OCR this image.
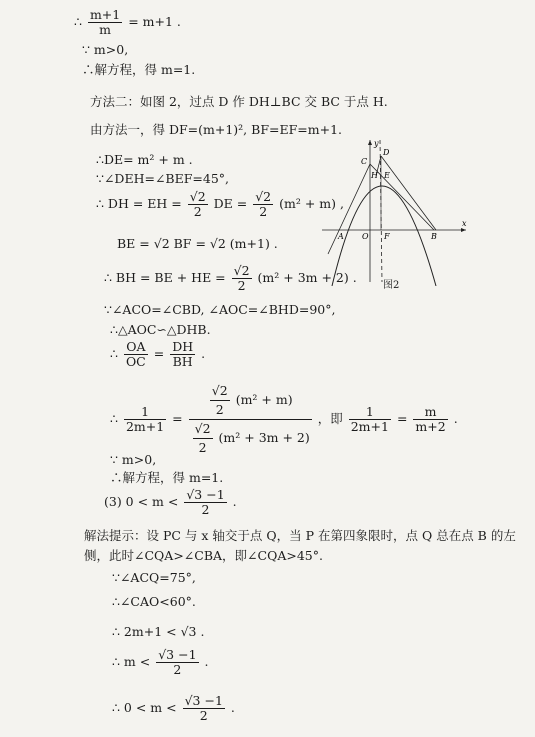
∴ $\frac{m+1}{m} = m+1$ .
∵ m>0,
∴解方程，得 m=1.
方法二：如图 2，过点 D 作 DH⊥BC 交 BC 于点 H.
由方法一，得 DF=(m+1)², BF=EF=m+1.
∴DE= m² + m .
∵∠DEH=∠BEF=45°,
∴ DH = EH = $\frac{√2}{2}$ DE = $\frac{√2}{2} (m^2 + m)$ ,
BE = √2 BF = √2 (m+1) .
∴ BH = BE + HE = $\frac{√2}{2} (m^2 + 3m + 2)$ .
∵∠ACO=∠CBD, ∠AOC=∠BHD=90°,
∴△AOC∽△DHB.
∴ $\frac{OA}{OC} = \frac{DH}{BH}$ .
∴ $\frac{1}{2m+1} = \frac{\frac{√2}{2} (m^2 + m)}{\frac{√2}{2} (m^2 + 3m + 2)}$ ，即 $\frac{1}{2m+1} = \frac{m}{m+2}$ .
∵ m>0,
∴解方程，得 m=1.
(3) $0 < m < \frac{√3 -1}{2}$ .
解法提示：设 PC 与 x 轴交于点 Q，当 P 在第四象限时，点 Q 总在点 B 的左
侧，此时∠CQA>∠CBA，即∠CQA>45°.
∵∠ACQ=75°,
∴∠CAO<60°.
∴ 2m+1 < √3 .
∴ $m < \frac{√3 -1}{2}$ .
∴ $0 < m < \frac{√3 -1}{2}$ .
y
x
C
D
H E
A O F	B
图2
